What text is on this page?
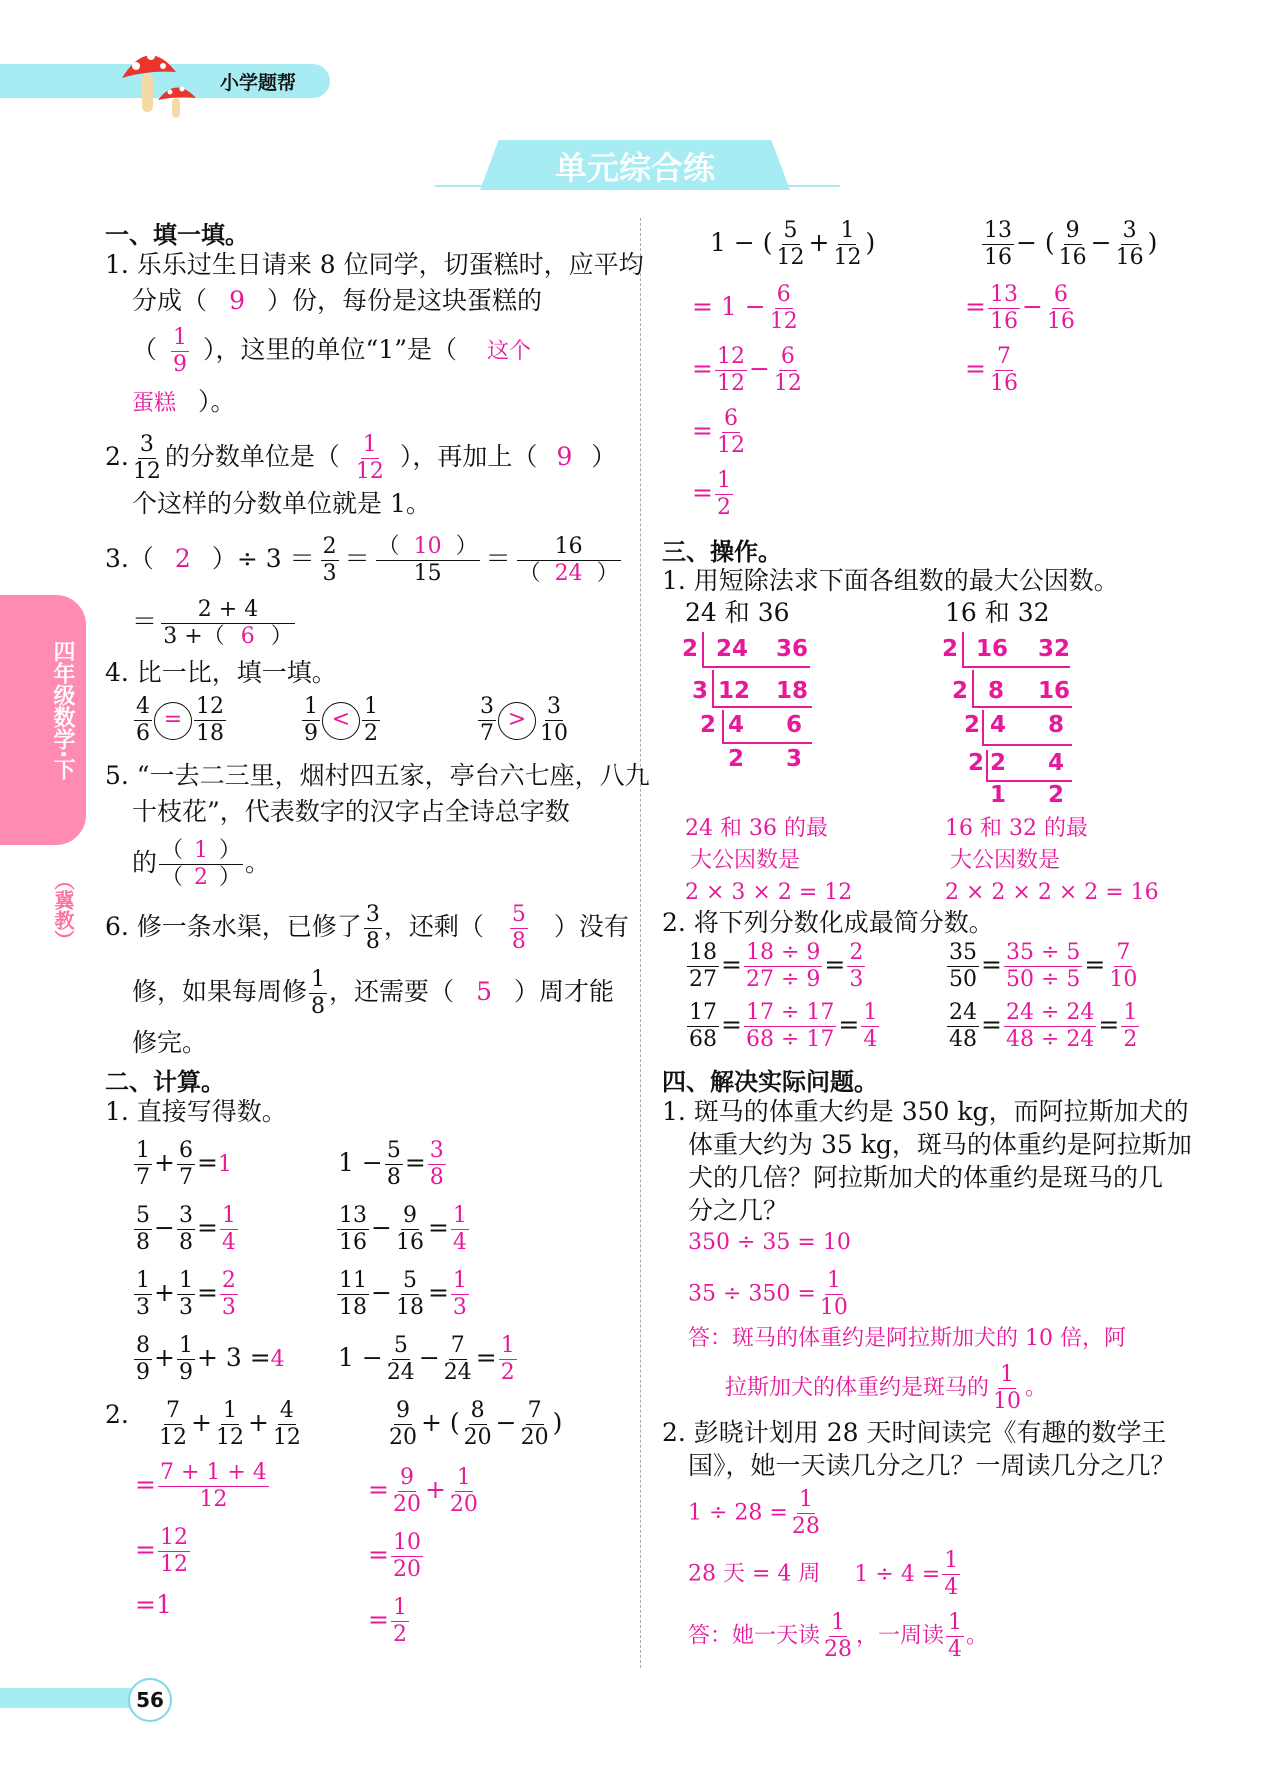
小学题帮
单元综合练
四年级数学·下
（冀教）
56
一、填一填。
1. 乐乐过生日请来 8 位同学，切蛋糕时，应平均
分成（ 9 ）份，每份是这块蛋糕的
（ $\frac{1}{9}$ ），这里的单位“1”是（ 这个
蛋糕 ）。
2. $\frac{3}{12}$ 的分数单位是（ $\frac{1}{12}$ ），再加上（ 9 ）
个这样的分数单位就是 1。
3.（ 2 ）÷ $3 = \frac{2}{3} = \frac{( 10 )}{15} = \frac{16}{( 24 )}$
＝ $\frac{2 + 4}{3 +( 6 )}$
4. 比一比，填一填。
$\frac{4}{6} = \frac{12}{18}$	$\frac{1}{9} < \frac{1}{2}$	$\frac{3}{7} > \frac{3}{10}$
5. “一去二三里，烟村四五家，亭台六七座，八九
十枝花”，代表数字的汉字占全诗总字数
的 $\frac{( 1 )}{( 2 )}$ 。
6. 修一条水渠，已修了 $\frac{3}{8}$ ，还剩（ $\frac{5}{8}$ ）没有
修，如果每周修 $\frac{1}{8}$ ，还需要（ 5 ）周才能
修完。
二、计算。
1. 直接写得数。
$\frac{1}{7} + \frac{6}{7} =1$	$1 - \frac{5}{8} = \frac{3}{8}$
$\frac{5}{8} - \frac{3}{8} = \frac{1}{4}$	$\frac{13}{16} - \frac{9}{16} = \frac{1}{4}$
$\frac{1}{3} + \frac{1}{3} = \frac{2}{3}$	$\frac{11}{18} - \frac{5}{18} = \frac{1}{3}$
$\frac{8}{9} + \frac{1}{9} + 3 =4$ $1 - \frac{5}{24} - \frac{7}{24} = \frac{1}{2}$
2. $\frac{7}{12} + \frac{1}{12} + \frac{4}{12}$
= $\frac{7 + 1 + 4}{12}$
= $\frac{12}{12}$
=1
$\frac{9}{20}$ + ( $\frac{8}{20} - \frac{7}{20}$ )
= $\frac{9}{20} + \frac{1}{20}$
= $\frac{10}{20}$
= $\frac{1}{2}$
1 − ( $\frac{5}{12} + \frac{1}{12}$ )
= $1 - \frac{6}{12}$
= $\frac{12}{12} - \frac{6}{12}$
= $\frac{6}{12}$
= $\frac{1}{2}$
$\frac{13}{16}$ − ( $\frac{9}{16} - \frac{3}{16}$ )
= $\frac{13}{16} - \frac{6}{16}$
= $\frac{7}{16}$
三、操作。
1. 用短除法求下面各组数的最大公因数。
24 和 36	16 和 32
2 24 36
3 12 18
2 4 6
2 3
2 16 32
2 8 16
2 4 8
2 2 4
1 2
24 和 36 的最
大公因数是
2 × 3 × 2 = 12
16 和 32 的最
大公因数是
2 × 2 × 2 × 2 = 16
2. 将下列分数化成最简分数。
$\frac{18}{27} = \frac{18 \div 9}{27 \div 9} = \frac{2}{3}$	$\frac{35}{50} = \frac{35 \div 5}{50 \div 5} = \frac{7}{10}$
$\frac{17}{68} = \frac{17 \div 17}{68 \div 17} = \frac{1}{4}$	$\frac{24}{48} = \frac{24 \div 24}{48 \div 24} = \frac{1}{2}$
四、解决实际问题。
1. 斑马的体重大约是 350 kg，而阿拉斯加犬的
体重大约为 35 kg，斑马的体重约是阿拉斯加
犬的几倍？阿拉斯加犬的体重约是斑马的几
分之几？
350 ÷ 35 = 10
$35 \div 350 = \frac{1}{10}$
答：斑马的体重约是阿拉斯加犬的 10 倍，阿
拉斯加犬的体重约是斑马的 $\frac{1}{10}$ 。
2. 彭晓计划用 28 天时间读完《有趣的数学王
国》，她一天读几分之几？一周读几分之几？
$1 \div 28 = \frac{1}{28}$
28 天 = 4 周 $1 \div 4 = \frac{1}{4}$
答：她一天读 $\frac{1}{28}$ ，一周读 $\frac{1}{4}$ 。
